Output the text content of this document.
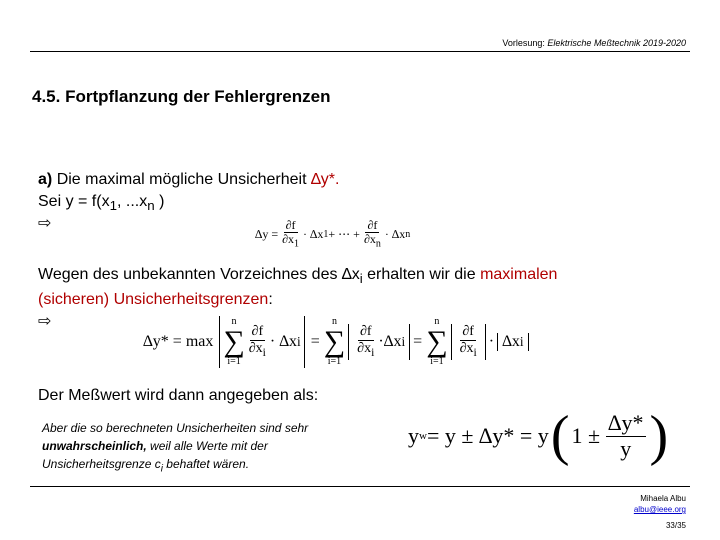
Vorlesung: Elektrische Meßtechnik 2019-2020
4.5. Fortpflanzung der Fehlergrenzen
a) Die maximal mögliche Unsicherheit ∆y*.
Sei $y = f(x_1$, $...x_n$ )
⇨
$\Delta y = \frac{\partial f}{\partial x_1} \cdot \Delta x$ 1 + ⋯ + $\frac{\partial f}{\partial x_n} \cdot \Delta x$ n
Wegen des unbekannten Vorzeichnes des $\Delta x_i$ erhalten wir die maximalen
(sicheren) Unsicherheitsgrenzen:
⇨
∆y* = max
n
∑
i=1
$\frac{\partial f}{\partial x_i} \cdot \Delta x$ i =
n
∑
i=1
$\frac{\partial f}{\partial x_i} \cdot \Delta x$ i =
n
∑
i=1
$\frac{\partial f}{\partial x_i} \cdot \Delta x$ i
Der Meßwert wird dann angegeben als:
Aber die so berechneten Unsicherheiten sind sehr
unwahrscheinlich, weil alle Werte mit der
Unsicherheitsgrenze $c_i$ behaftet wären.
y w = y ± ∆y* = y ( $1 \pm \frac{\Delta y*}{y}$ )
Mihaela Albu
albu@ieee.org
33/35
